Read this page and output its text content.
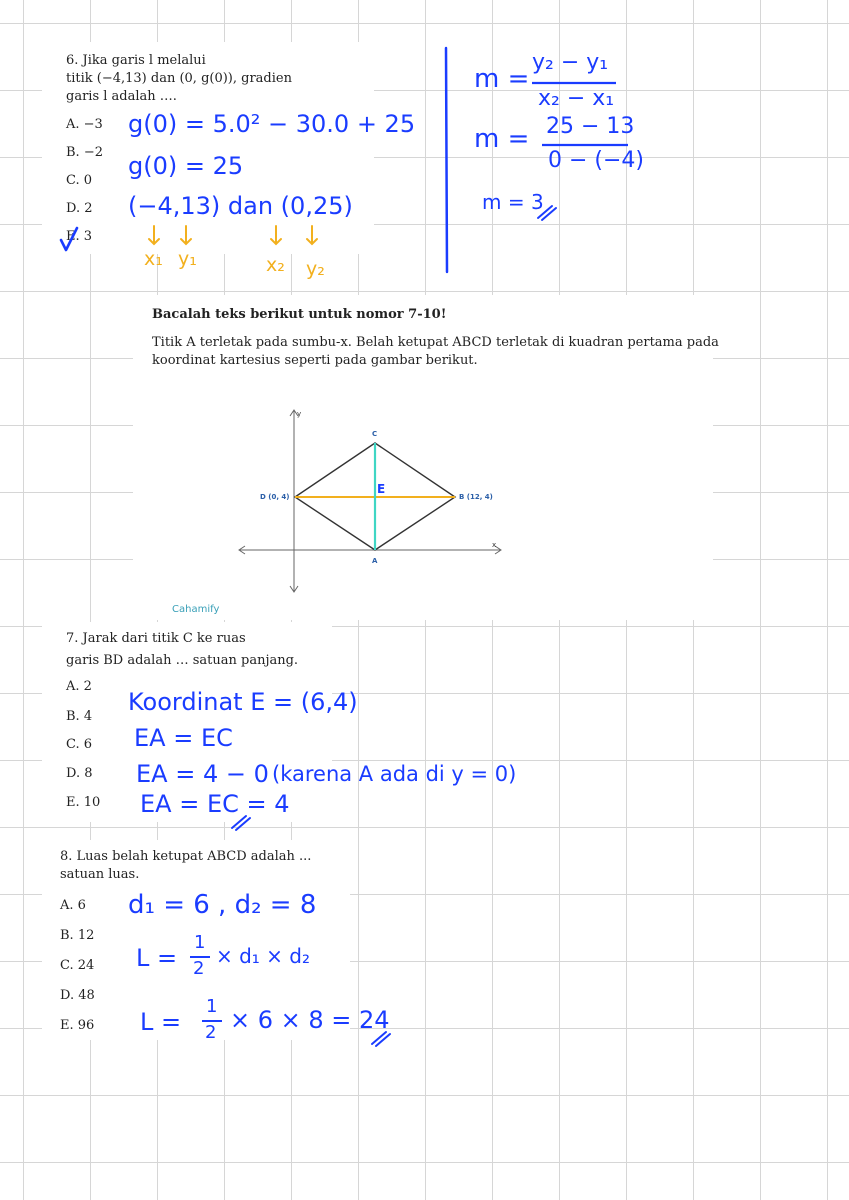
6. Jika garis l melalui
titik (−4,13) dan (0, g(0)), gradien
garis l adalah ….
A. −3
B. −2
C. 0
D. 2
E. 3
g(0) = 5.0² − 30.0 + 25
g(0) = 25
(−4,13) dan (0,25)
x₁ y₁	x₂ y₂
m =
y₂ − y₁
x₂ − x₁
m = 25 − 13
0 − (−4)
m = 3
Bacalah teks berikut untuk nomor 7-10!
Titik A terletak pada sumbu-x. Belah ketupat ABCD terletak di kuadran pertama pada
koordinat kartesius seperti pada gambar berikut.
y
x
C
D (0, 4)	B (12, 4)
A
E
Cahamify
7. Jarak dari titik C ke ruas
garis BD adalah … satuan panjang.
A. 2
B. 4
C. 6
D. 8
E. 10
Koordinat E = (6,4)
EA = EC
EA = 4 − 0 (karena A ada di y = 0)
EA = EC = 4
8. Luas belah ketupat ABCD adalah ...
satuan luas.
A. 6
B. 12
C. 24
D. 48
E. 96
d₁ = 6 , d₂ = 8
L =
1
2
× d₁ × d₂
L =
1
2 × 6 × 8 = 24
